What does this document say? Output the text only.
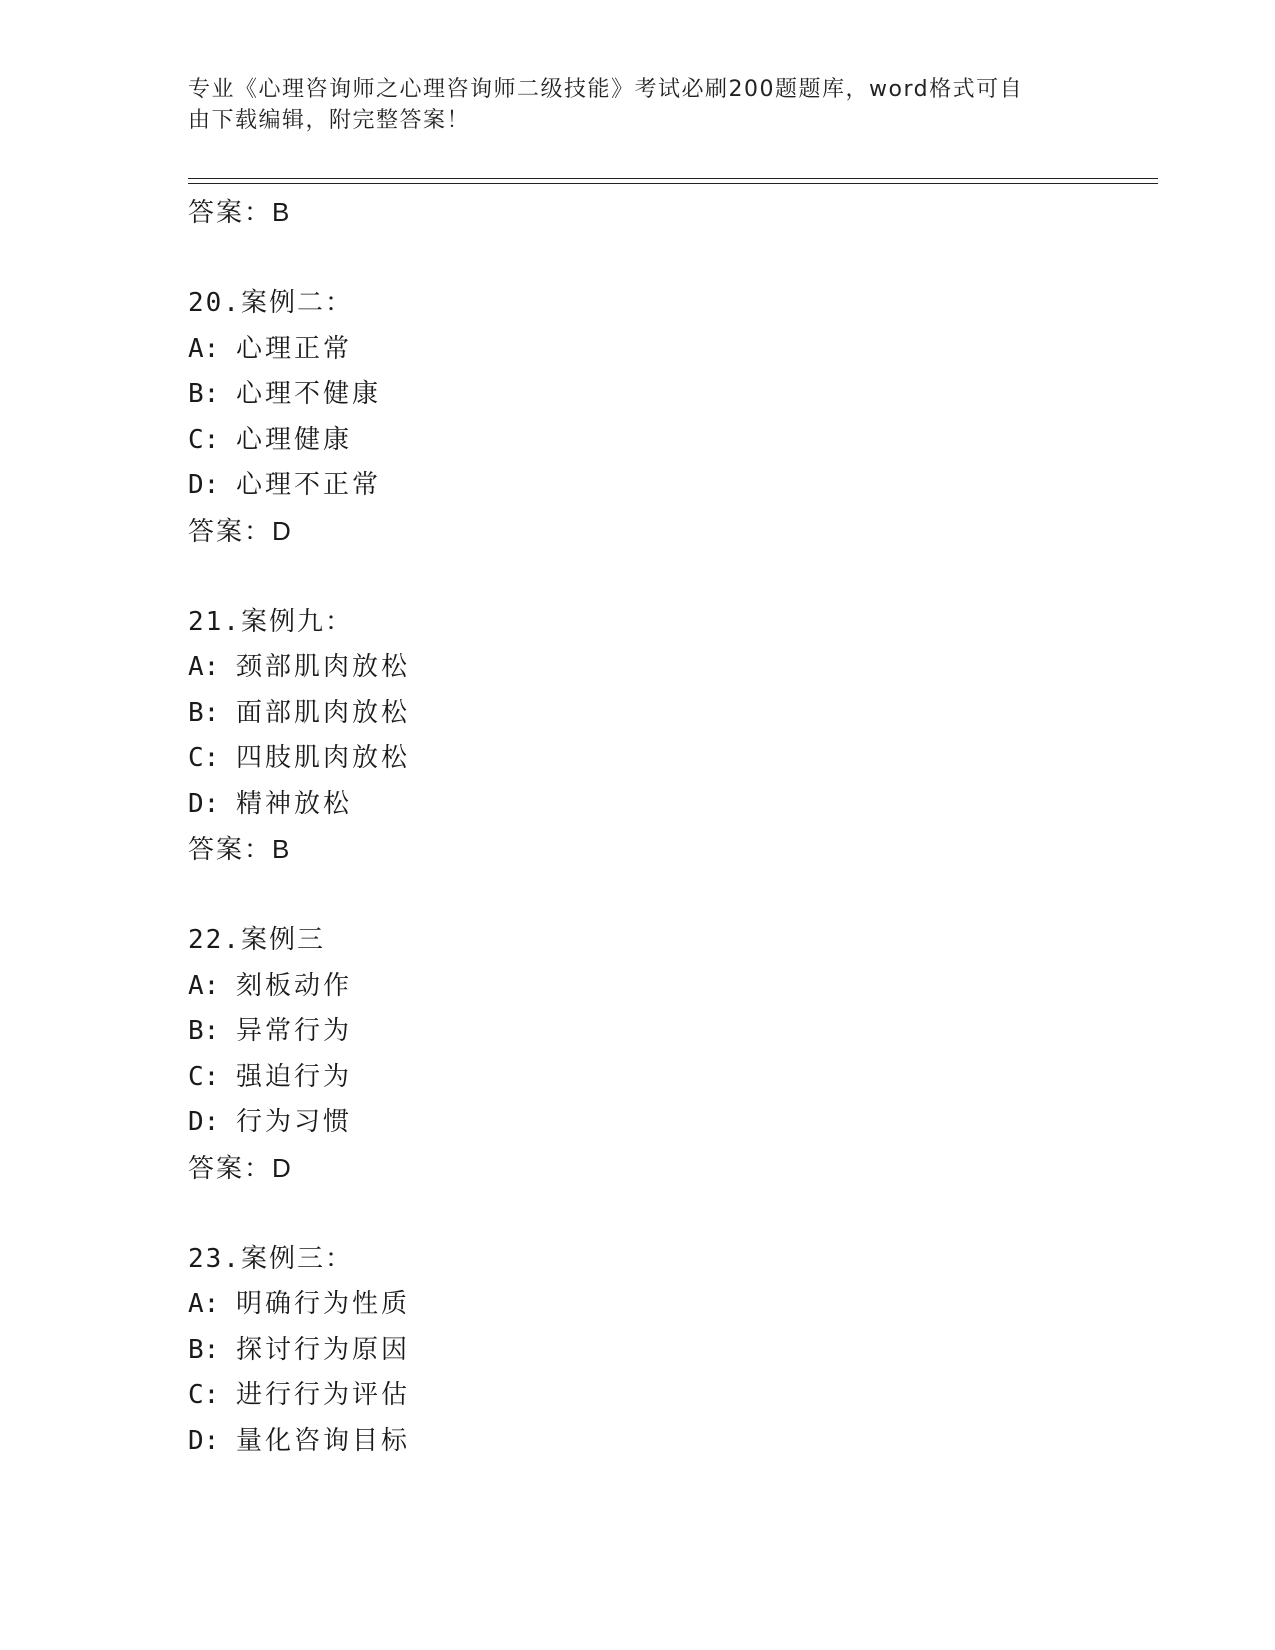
专业《心理咨询师之心理咨询师二级技能》考试必刷200题题库，word格式可自
由下载编辑，附完整答案！
答案：B
20.案例二：
A: 心理正常
B: 心理不健康
C: 心理健康
D: 心理不正常
答案：D
21.案例九：
A: 颈部肌肉放松
B: 面部肌肉放松
C: 四肢肌肉放松
D: 精神放松
答案：B
22.案例三
A: 刻板动作
B: 异常行为
C: 强迫行为
D: 行为习惯
答案：D
23.案例三：
A: 明确行为性质
B: 探讨行为原因
C: 进行行为评估
D: 量化咨询目标
